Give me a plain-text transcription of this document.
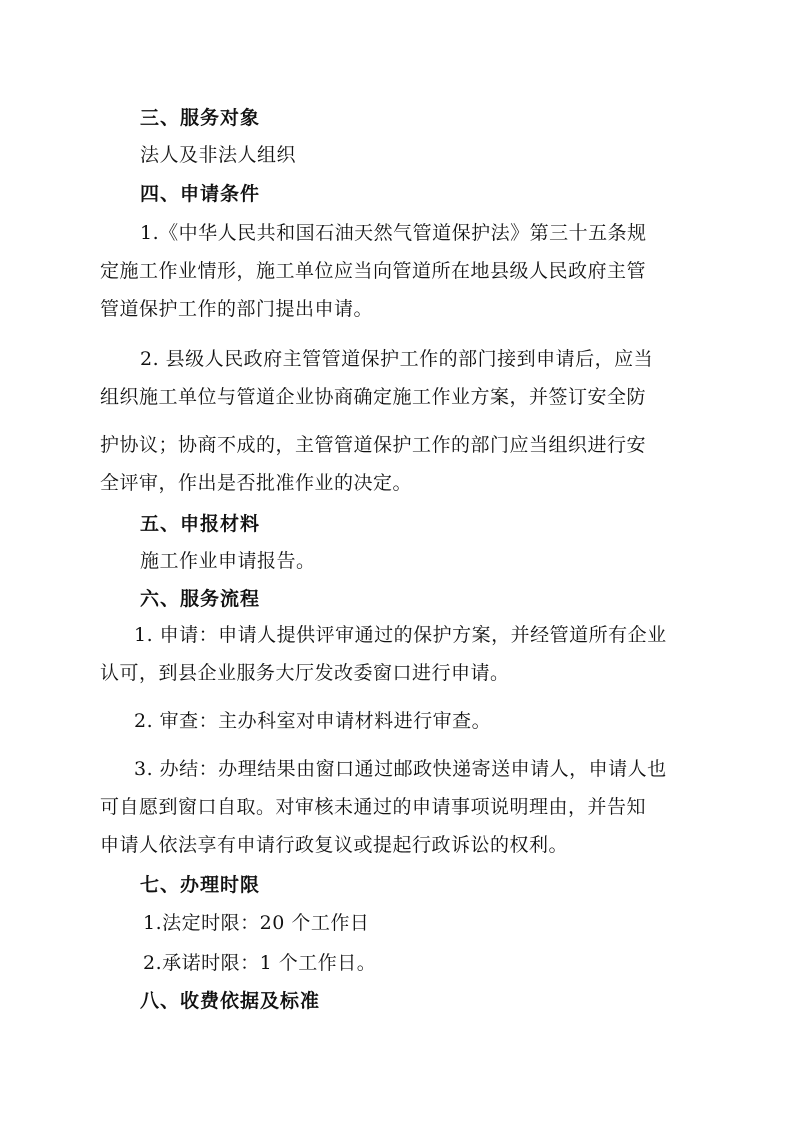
三、服务对象
法人及非法人组织
四、申请条件
1.《中华人民共和国石油天然气管道保护法》第三十五条规
定施工作业情形，施工单位应当向管道所在地县级人民政府主管
管道保护工作的部门提出申请。
2. 县级人民政府主管管道保护工作的部门接到申请后，应当
组织施工单位与管道企业协商确定施工作业方案，并签订安全防
护协议；协商不成的，主管管道保护工作的部门应当组织进行安
全评审，作出是否批准作业的决定。
五、申报材料
施工作业申请报告。
六、服务流程
1. 申请：申请人提供评审通过的保护方案，并经管道所有企业
认可，到县企业服务大厅发改委窗口进行申请。
2. 审查：主办科室对申请材料进行审查。
3. 办结：办理结果由窗口通过邮政快递寄送申请人，申请人也
可自愿到窗口自取。对审核未通过的申请事项说明理由，并告知
申请人依法享有申请行政复议或提起行政诉讼的权利。
七、办理时限
1.法定时限：20 个工作日
2.承诺时限：1 个工作日。
八、收费依据及标准
